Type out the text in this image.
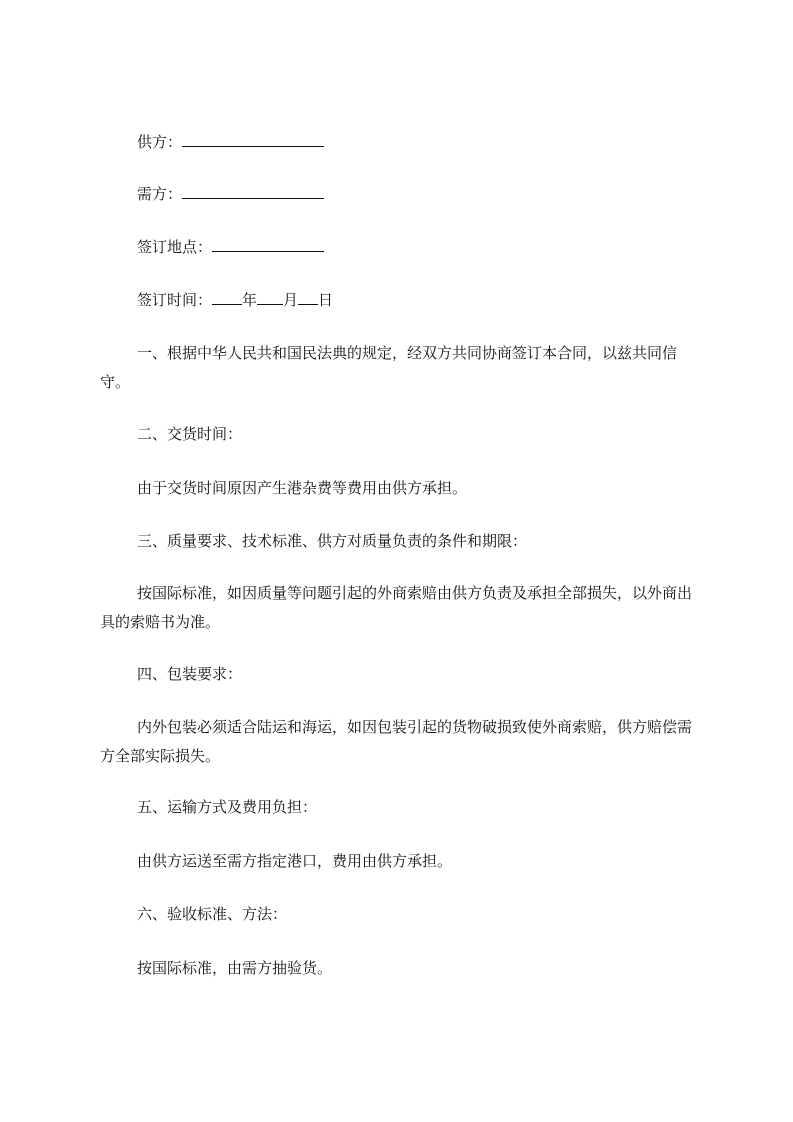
供方：
需方：
签订地点：
签订时间： 年 月 日
一、根据中华人民共和国民法典的规定，经双方共同协商签订本合同，以兹共同信守。
二、交货时间：
由于交货时间原因产生港杂费等费用由供方承担。
三、质量要求、技术标准、供方对质量负责的条件和期限：
按国际标准，如因质量等问题引起的外商索赔由供方负责及承担全部损失，以外商出具的索赔书为准。
四、包装要求：
内外包装必须适合陆运和海运，如因包装引起的货物破损致使外商索赔，供方赔偿需方全部实际损失。
五、运输方式及费用负担：
由供方运送至需方指定港口，费用由供方承担。
六、验收标准、方法：
按国际标准，由需方抽验货。
